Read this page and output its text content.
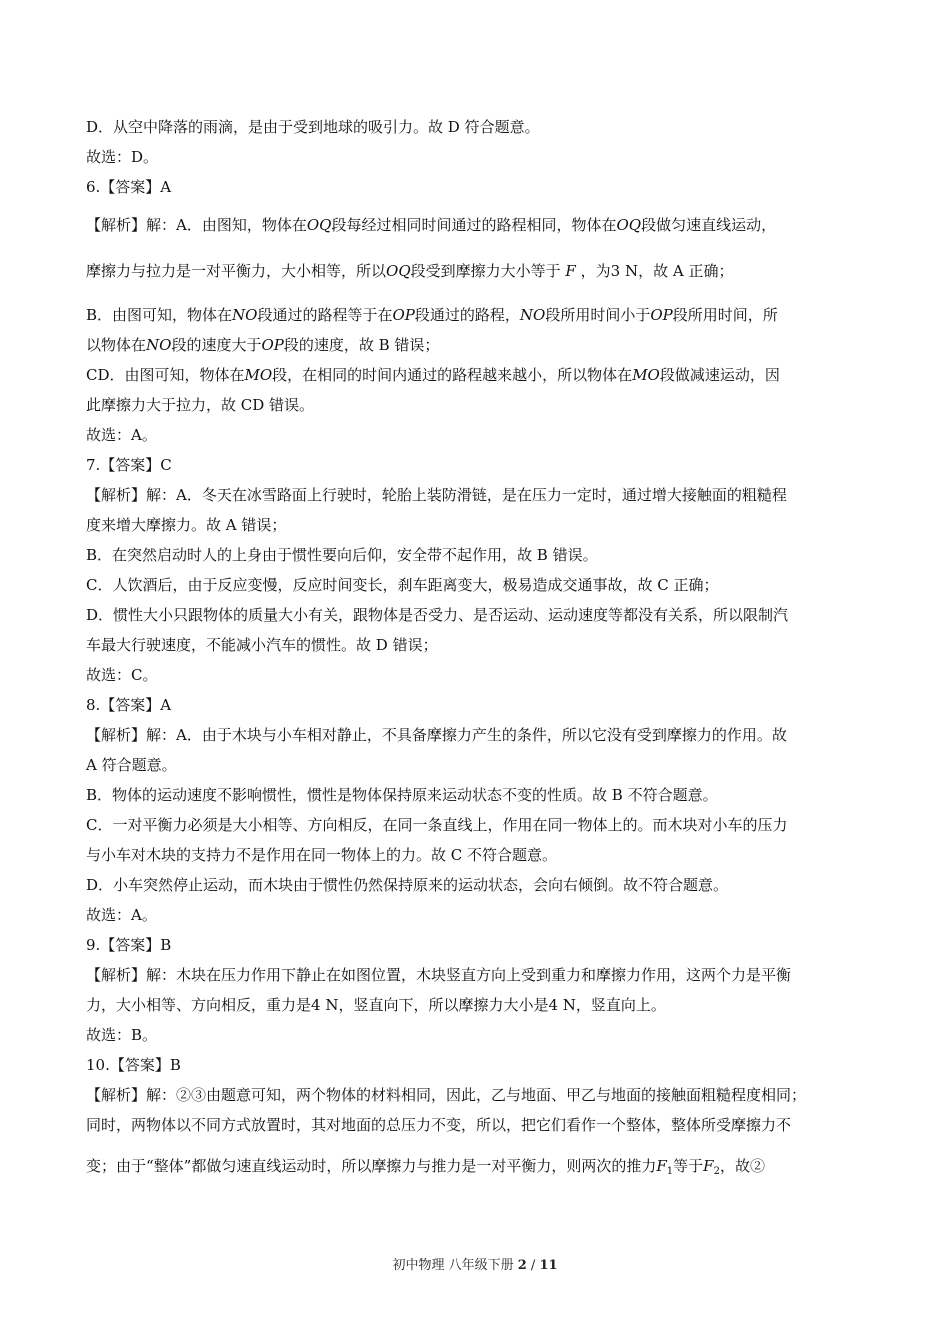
D．从空中降落的雨滴，是由于受到地球的吸引力。故 D 符合题意。

故选：D。

6.【答案】A

【解析】解：A．由图知，物体在OQ段每经过相同时间通过的路程相同，物体在OQ段做匀速直线运动，

摩擦力与拉力是一对平衡力，大小相等，所以OQ段受到摩擦力大小等于 F ，为3 N，故 A 正确；

B．由图可知，物体在NO段通过的路程等于在OP段通过的路程，NO段所用时间小于OP段所用时间，所

以物体在NO段的速度大于OP段的速度，故 B 错误；

CD．由图可知，物体在MO段，在相同的时间内通过的路程越来越小，所以物体在MO段做减速运动，因

此摩擦力大于拉力，故 CD 错误。

故选：A。

7.【答案】C

【解析】解：A．冬天在冰雪路面上行驶时，轮胎上装防滑链，是在压力一定时，通过增大接触面的粗糙程

度来增大摩擦力。故 A 错误；

B．在突然启动时人的上身由于惯性要向后仰，安全带不起作用，故 B 错误。

C．人饮酒后，由于反应变慢，反应时间变长，刹车距离变大，极易造成交通事故，故 C 正确；

D．惯性大小只跟物体的质量大小有关，跟物体是否受力、是否运动、运动速度等都没有关系，所以限制汽

车最大行驶速度，不能减小汽车的惯性。故 D 错误；

故选：C。

8.【答案】A

【解析】解：A．由于木块与小车相对静止，不具备摩擦力产生的条件，所以它没有受到摩擦力的作用。故

A 符合题意。

B．物体的运动速度不影响惯性，惯性是物体保持原来运动状态不变的性质。故 B 不符合题意。

C．一对平衡力必须是大小相等、方向相反，在同一条直线上，作用在同一物体上的。而木块对小车的压力

与小车对木块的支持力不是作用在同一物体上的力。故 C 不符合题意。

D．小车突然停止运动，而木块由于惯性仍然保持原来的运动状态，会向右倾倒。故不符合题意。

故选：A。

9.【答案】B

【解析】解：木块在压力作用下静止在如图位置，木块竖直方向上受到重力和摩擦力作用，这两个力是平衡

力，大小相等、方向相反，重力是4 N，竖直向下，所以摩擦力大小是4 N，竖直向上。

故选：B。

10.【答案】B

【解析】解：②③由题意可知，两个物体的材料相同，因此，乙与地面、甲乙与地面的接触面粗糙程度相同；

同时，两物体以不同方式放置时，其对地面的总压力不变，所以，把它们看作一个整体，整体所受摩擦力不

变；由于“整体”都做匀速直线运动时，所以摩擦力与推力是一对平衡力，则两次的推力$F_1$等于$F_2$，故②

初中物理 八年级下册 2 / 11
